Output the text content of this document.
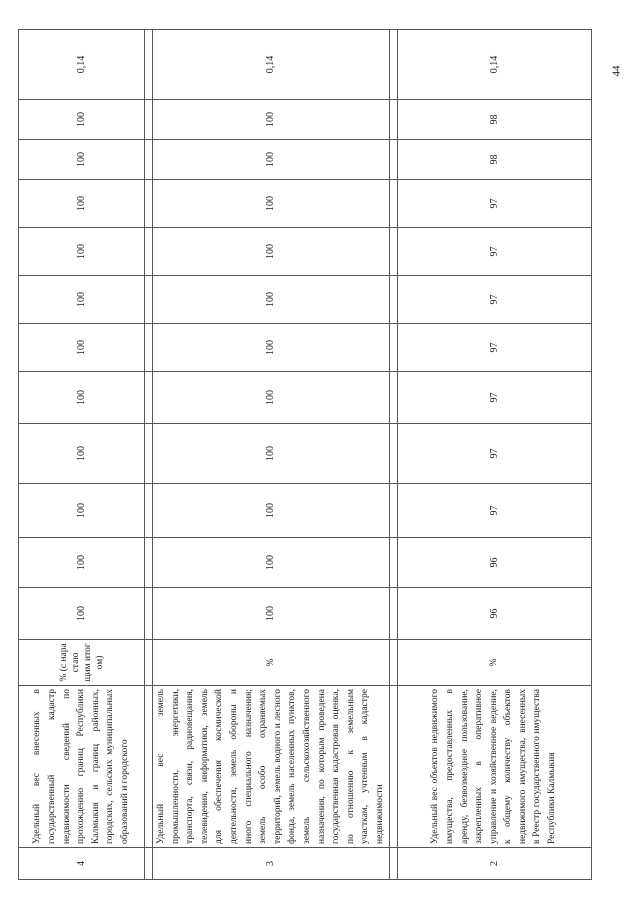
44
4	Удельный вес внесенных в государственный кадастр недвижимости сведений по прохождению границ Республики Калмыкия и границ районных, городских, сельских муниципальных образований и городского	% (с нара стаю щим итог ом)	100	100	100	100	100	100	100	100	100	100	100	0,14

3	Удельный вес земель промышленности, энергетики, транспорта, связи, радиовещания, телевидения, информатики, земель для обеспечения космической деятельности, земель обороны и иного специального назначения; земель особо охраняемых территорий, земель водного и лесного фонда, земель населенных пунктов, земель сельскохозяйственного назначения, по которым проведена государственная кадастровая оценка, по отношению к земельным участкам, учтенным в кадастре недвижимости	%	100	100	100	100	100	100	100	100	100	100	100	0,14

2	Удельный вес объектов недвижимого имущества, предоставленных в аренду, безвозмездное пользование, закрепленных в оперативное управление и хозяйственное ведение, к общему количеству объектов недвижимого имущества, внесенных в Реестр государственного имущества Республики Калмыкия	%	96	96	97	97	97	97	97	97	97	98	98	0,14
